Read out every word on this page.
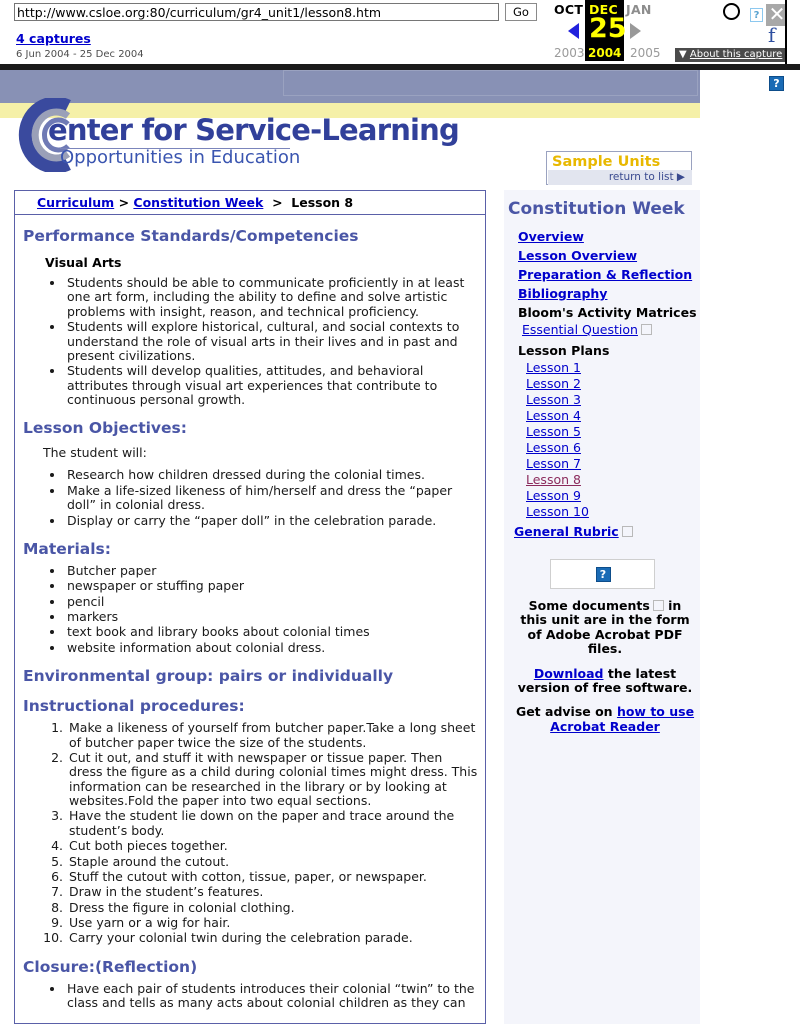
http://www.csloe.org:80/curriculum/gr4_unit1/lesson8.htm
Go
4 captures
6 Jun 2004 - 25 Dec 2004
OCT DEC JAN
25
2003 2004 2005	▼ About this capture
? ✕
f
?
enter for Service-Learning
Opportunities in Education	Sample Units
return to list ▶
Curriculum > Constitution Week  >  Lesson 8
Performance Standards/Competencies
Visual Arts
• Students should be able to communicate proficiently in at least one art form, including the ability to define and solve artistic problems with insight, reason, and technical proficiency.
• Students will explore historical, cultural, and social contexts to understand the role of visual arts in their lives and in past and present civilizations.
• Students will develop qualities, attitudes, and behavioral attributes through visual art experiences that contribute to continuous personal growth.
Lesson Objectives:

The student will:

• Research how children dressed during the colonial times.
• Make a life-sized likeness of him/herself and dress the “paper doll” in colonial dress.
• Display or carry the “paper doll” in the celebration parade.
Materials:
• Butcher paper
• newspaper or stuffing paper
• pencil
• markers
• text book and library books about colonial times
• website information about colonial dress.
Environmental group: pairs or individually
Instructional procedures:
1. Make a likeness of yourself from butcher paper.Take a long sheet of butcher paper twice the size of the students.
2. Cut it out, and stuff it with newspaper or tissue paper. Then dress the figure as a child during colonial times might dress. This information can be researched in the library or by looking at websites.Fold the paper into two equal sections.
3. Have the student lie down on the paper and trace around the student’s body.
4. Cut both pieces together.
5. Staple around the cutout.
6. Stuff the cutout with cotton, tissue, paper, or newspaper.
7. Draw in the student’s features.
8. Dress the figure in colonial clothing.
9. Use yarn or a wig for hair.
10. Carry your colonial twin during the celebration parade.
Closure:(Reflection)
• Have each pair of students introduces their colonial “twin” to the class and tells as many acts about colonial children as they can
Constitution Week
Overview
Lesson Overview
Preparation & Reflection
Bibliography
Bloom's Activity Matrices
Essential Question
Lesson Plans
Lesson 1
Lesson 2
Lesson 3
Lesson 4
Lesson 5
Lesson 6
Lesson 7
Lesson 8
Lesson 9
Lesson 10
General Rubric
?
Some documents in this unit are in the form of Adobe Acrobat PDF files.
Download the latest version of free software.
Get advise on how to use Acrobat Reader
